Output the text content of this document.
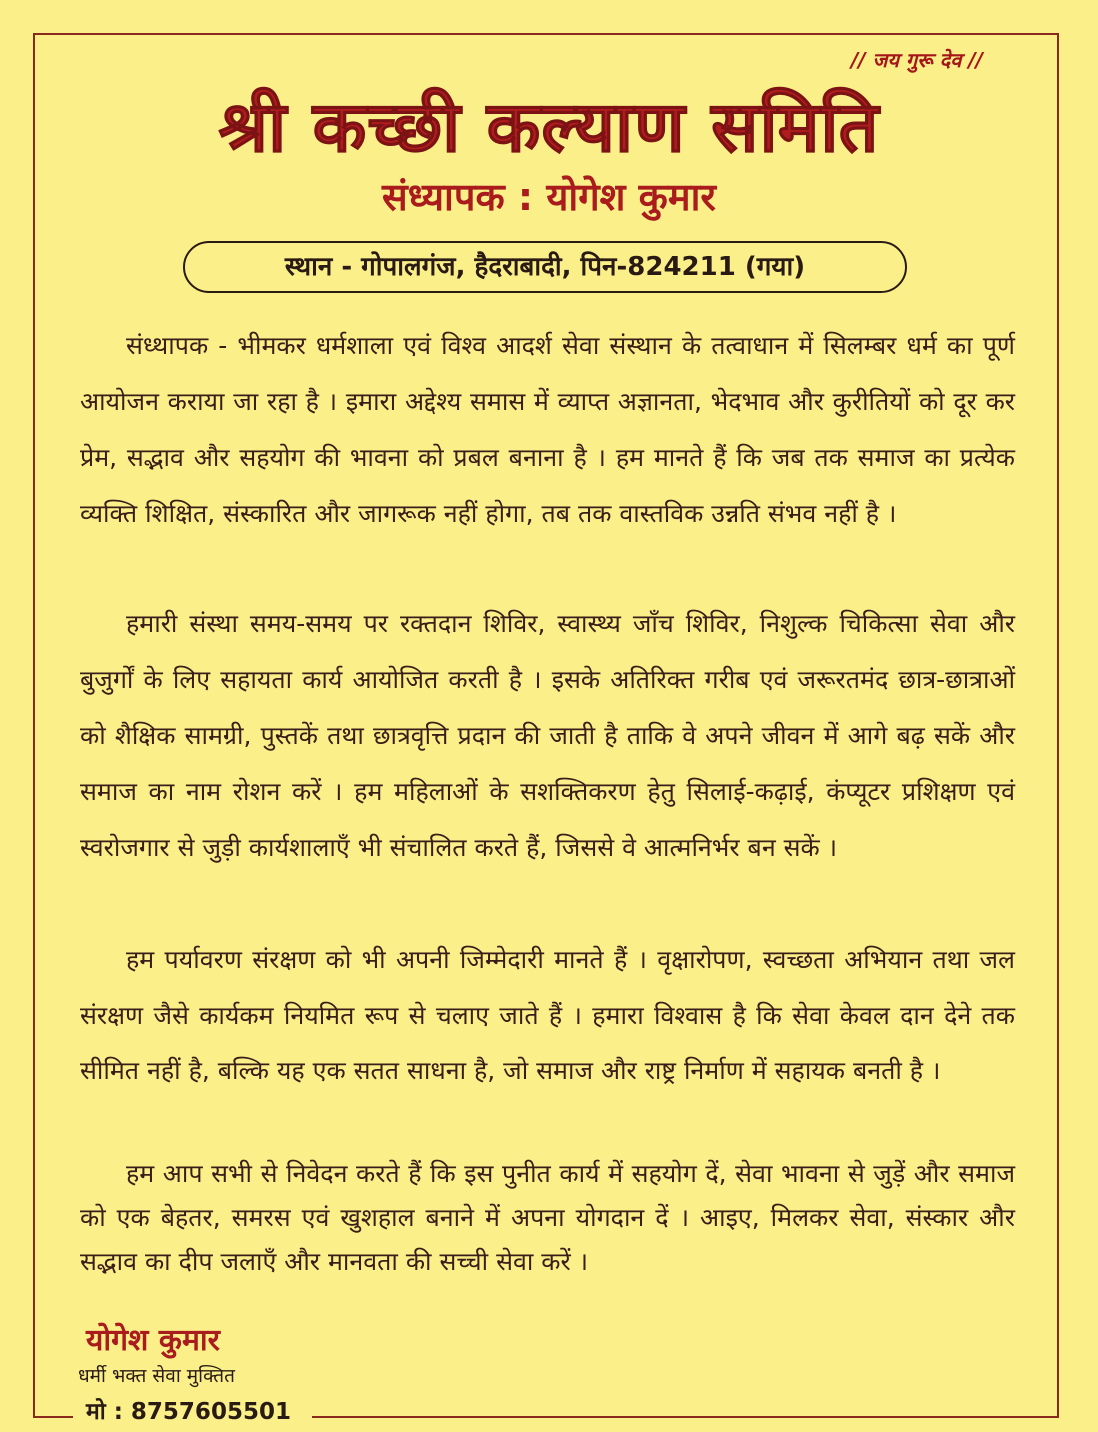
// जय गुरू देव //
श्री कच्छी कल्याण समिति
संध्यापक : योगेश कुमार
स्थान - गोपालगंज, हैदराबादी, पिन-824211 (गया)

संध्थापक - भीमकर धर्मशाला एवं विश्व आदर्श सेवा संस्थान के तत्वाधान में सिलम्बर धर्म का पूर्ण आयोजन कराया जा रहा है । इमारा अद्देश्य समास में व्याप्त अज्ञानता, भेदभाव और कुरीतियों को दूर कर प्रेम, सद्भाव और सहयोग की भावना को प्रबल बनाना है । हम मानते हैं कि जब तक समाज का प्रत्येक व्यक्ति शिक्षित, संस्कारित और जागरूक नहीं होगा, तब तक वास्तविक उन्नति संभव नहीं है ।

हमारी संस्था समय-समय पर रक्तदान शिविर, स्वास्थ्य जाँच शिविर, निशुल्क चिकित्सा सेवा और बुजुर्गों के लिए सहायता कार्य आयोजित करती है । इसके अतिरिक्त गरीब एवं जरूरतमंद छात्र-छात्राओं को शैक्षिक सामग्री, पुस्तकें तथा छात्रवृत्ति प्रदान की जाती है ताकि वे अपने जीवन में आगे बढ़ सकें और समाज का नाम रोशन करें । हम महिलाओं के सशक्तिकरण हेतु सिलाई-कढ़ाई, कंप्यूटर प्रशिक्षण एवं स्वरोजगार से जुड़ी कार्यशालाएँ भी संचालित करते हैं, जिससे वे आत्मनिर्भर बन सकें ।

हम पर्यावरण संरक्षण को भी अपनी जिम्मेदारी मानते हैं । वृक्षारोपण, स्वच्छता अभियान तथा जल संरक्षण जैसे कार्यकम नियमित रूप से चलाए जाते हैं । हमारा विश्वास है कि सेवा केवल दान देने तक सीमित नहीं है, बल्कि यह एक सतत साधना है, जो समाज और राष्ट्र निर्माण में सहायक बनती है ।

हम आप सभी से निवेदन करते हैं कि इस पुनीत कार्य में सहयोग दें, सेवा भावना से जुड़ें और समाज को एक बेहतर, समरस एवं खुशहाल बनाने में अपना योगदान दें । आइए, मिलकर सेवा, संस्कार और सद्भाव का दीप जलाएँ और मानवता की सच्ची सेवा करें ।

योगेश कुमार
धर्मी भक्त सेवा मुक्तित
मो : 8757605501
